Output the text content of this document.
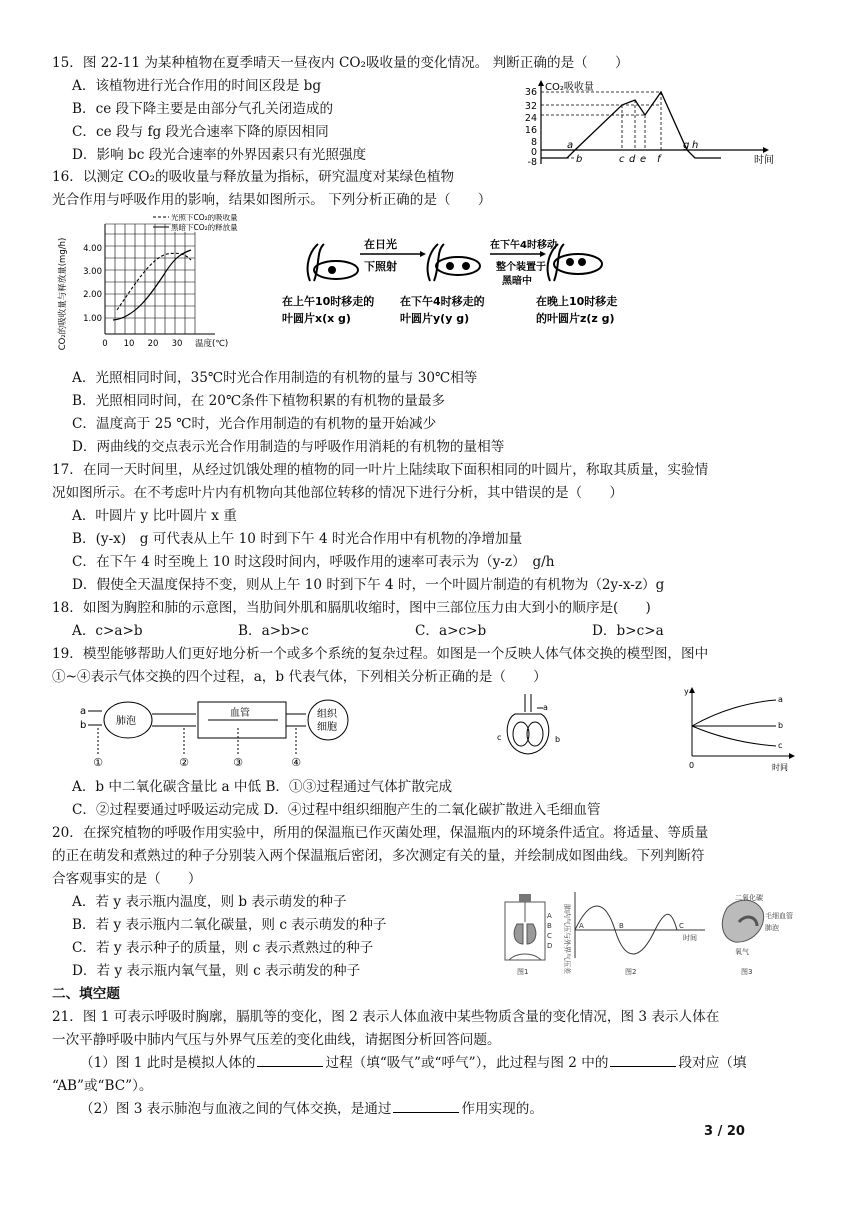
15．图 22-11 为某种植物在夏季晴天一昼夜内 CO₂吸收量的变化情况。 判断正确的是（　　）
A．该植物进行光合作用的时间区段是 bg
B．ce 段下降主要是由部分气孔关闭造成的
C．ce 段与 fg 段光合速率下降的原因相同
D．影响 bc 段光合速率的外界因素只有光照强度
CO₂吸收量
时间
36
32
24
16
8
0
-8
a
b	c d e f
g h
16．以测定 CO₂的吸收量与释放量为指标，研究温度对某绿色植物
光合作用与呼吸作用的影响，结果如图所示。 下列分析正确的是（　　）
CO₂的吸收量与释放量(mg/h) 4.00
3.00
2.00
1.00
0 10 20 30 温度(℃)
光照下CO₂的吸收量
黑暗下CO₂的释放量
在日光
下照射
在下午4时移动
整个装置于
黑暗中
在上午10时移走的
叶圆片x(x g)
在下午4时移走的
叶圆片y(y g)
在晚上10时移走
的叶圆片z(z g)
A．光照相同时间，35℃时光合作用制造的有机物的量与 30℃相等
B．光照相同时间，在 20℃条件下植物积累的有机物的量最多
C．温度高于 25 ℃时，光合作用制造的有机物的量开始减少
D．两曲线的交点表示光合作用制造的与呼吸作用消耗的有机物的量相等
17．在同一天时间里，从经过饥饿处理的植物的同一叶片上陆续取下面积相同的叶圆片，称取其质量，实验情
况如图所示。在不考虑叶片内有机物向其他部位转移的情况下进行分析，其中错误的是（　　）
A．叶圆片 y 比叶圆片 x 重
B．(y-x)　g 可代表从上午 10 时到下午 4 时光合作用中有机物的净增加量
C．在下午 4 时至晚上 10 时这段时间内，呼吸作用的速率可表示为（y-z）　g/h
D．假使全天温度保持不变，则从上午 10 时到下午 4 时，一个叶圆片制造的有机物为（2y-x-z）g
18．如图为胸腔和肺的示意图，当肋间外肌和膈肌收缩时，图中三部位压力由大到小的顺序是(　　)
A．c>a>b	B．a>b>c	C．a>c>b	D．b>c>a
19．模型能够帮助人们更好地分析一个或多个系统的复杂过程。如图是一个反映人体气体交换的模型图，图中
①~④表示气体交换的四个过程，a，b 代表气体，下列相关分析正确的是（　　）
肺泡
血管	组织
细胞
a
b
①	②	③	④
a
b
c
y
a
b
c
0	时间
A．b 中二氧化碳含量比 a 中低 B．①③过程通过气体扩散完成
C．②过程要通过呼吸运动完成 D．④过程中组织细胞产生的二氧化碳扩散进入毛细血管
20．在探究植物的呼吸作用实验中，所用的保温瓶已作灭菌处理，保温瓶内的环境条件适宜。将适量、等质量
的正在萌发和煮熟过的种子分别装入两个保温瓶后密闭，多次测定有关的量，并绘制成如图曲线。下列判断符
合客观事实的是（　　）
A．若 y 表示瓶内温度，则 b 表示萌发的种子
B．若 y 表示瓶内二氧化碳量，则 c 表示萌发的种子
C．若 y 表示种子的质量，则 c 表示煮熟过的种子
D．若 y 表示瓶内氧气量，则 c 表示萌发的种子
A
B
C
D
图1	肺内气压与外界气压差 A	B	C
时间
图2
二氧化碳
毛细血管
肺泡
氧气
图3
二、填空题
21．图 1 可表示呼吸时胸廓，膈肌等的变化，图 2 表示人体血液中某些物质含量的变化情况，图 3 表示人体在
一次平静呼吸中肺内气压与外界气压差的变化曲线，请据图分析回答问题。
（1）图 1 此时是模拟人体的	过程（填“吸气”或“呼气”），此过程与图 2 中的	段对应（填
“AB”或“BC”）。
（2）图 3 表示肺泡与血液之间的气体交换，是通过	作用实现的。
3 / 20
